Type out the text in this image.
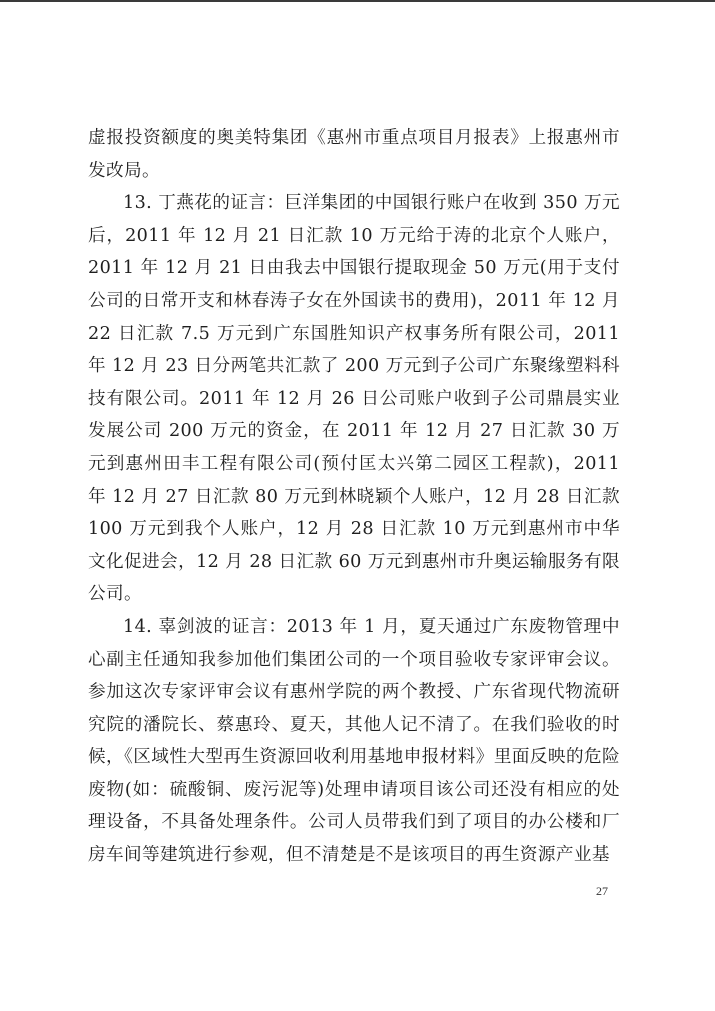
虚报投资额度的奥美特集团《惠州市重点项目月报表》上报惠州市发改局。

13. 丁燕花的证言：巨洋集团的中国银行账户在收到 350 万元后，2011 年 12 月 21 日汇款 10 万元给于涛的北京个人账户，2011 年 12 月 21 日由我去中国银行提取现金 50 万元(用于支付公司的日常开支和林春涛子女在外国读书的费用)，2011 年 12 月 22 日汇款 7.5 万元到广东国胜知识产权事务所有限公司，2011 年 12 月 23 日分两笔共汇款了 200 万元到子公司广东聚缘塑料科技有限公司。2011 年 12 月 26 日公司账户收到子公司鼎晨实业发展公司 200 万元的资金，在 2011 年 12 月 27 日汇款 30 万元到惠州田丰工程有限公司(预付匡太兴第二园区工程款)，2011 年 12 月 27 日汇款 80 万元到林晓颖个人账户，12 月 28 日汇款 100 万元到我个人账户，12 月 28 日汇款 10 万元到惠州市中华文化促进会，12 月 28 日汇款 60 万元到惠州市升奥运输服务有限公司。

14. 辜剑波的证言：2013 年 1 月，夏天通过广东废物管理中心副主任通知我参加他们集团公司的一个项目验收专家评审会议。参加这次专家评审会议有惠州学院的两个教授、广东省现代物流研究院的潘院长、蔡惠玲、夏天，其他人记不清了。在我们验收的时候，《区域性大型再生资源回收利用基地申报材料》里面反映的危险废物(如：硫酸铜、废污泥等)处理申请项目该公司还没有相应的处理设备，不具备处理条件。公司人员带我们到了项目的办公楼和厂房车间等建筑进行参观，但不清楚是不是该项目的再生资源产业基

27
